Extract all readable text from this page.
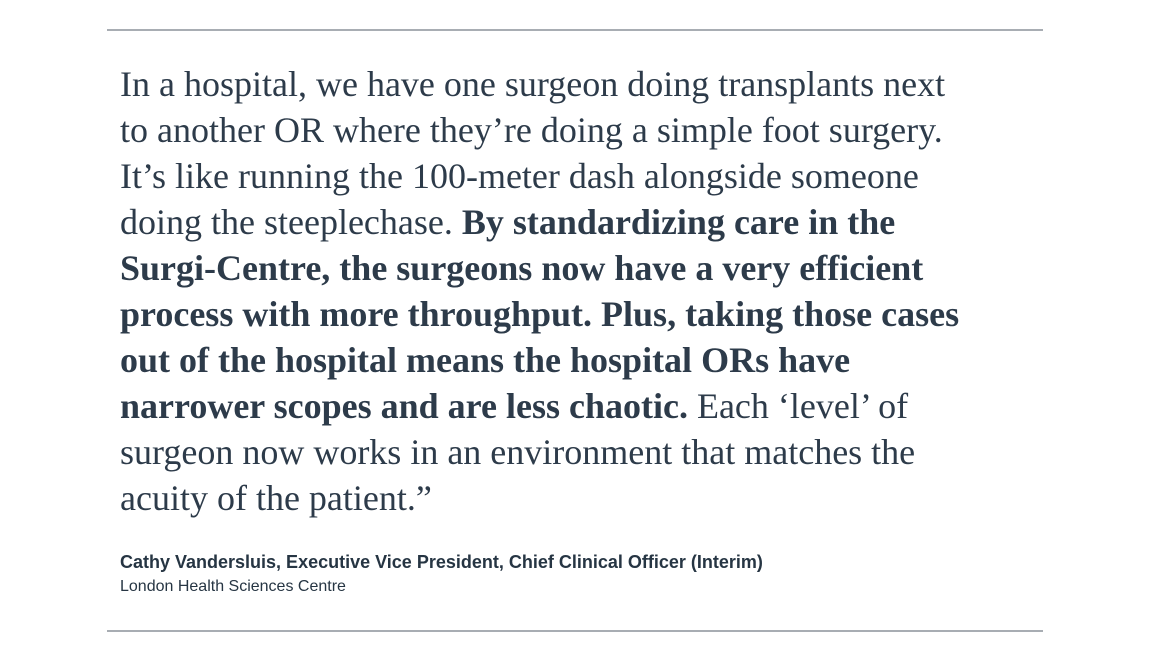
In a hospital, we have one surgeon doing transplants next
to another OR where they’re doing a simple foot surgery.
It’s like running the 100-meter dash alongside someone
doing the steeplechase. By standardizing care in the
Surgi-Centre, the surgeons now have a very efficient
process with more throughput. Plus, taking those cases
out of the hospital means the hospital ORs have
narrower scopes and are less chaotic. Each ‘level’ of
surgeon now works in an environment that matches the
acuity of the patient.”
Cathy Vandersluis, Executive Vice President, Chief Clinical Officer (Interim)
London Health Sciences Centre
